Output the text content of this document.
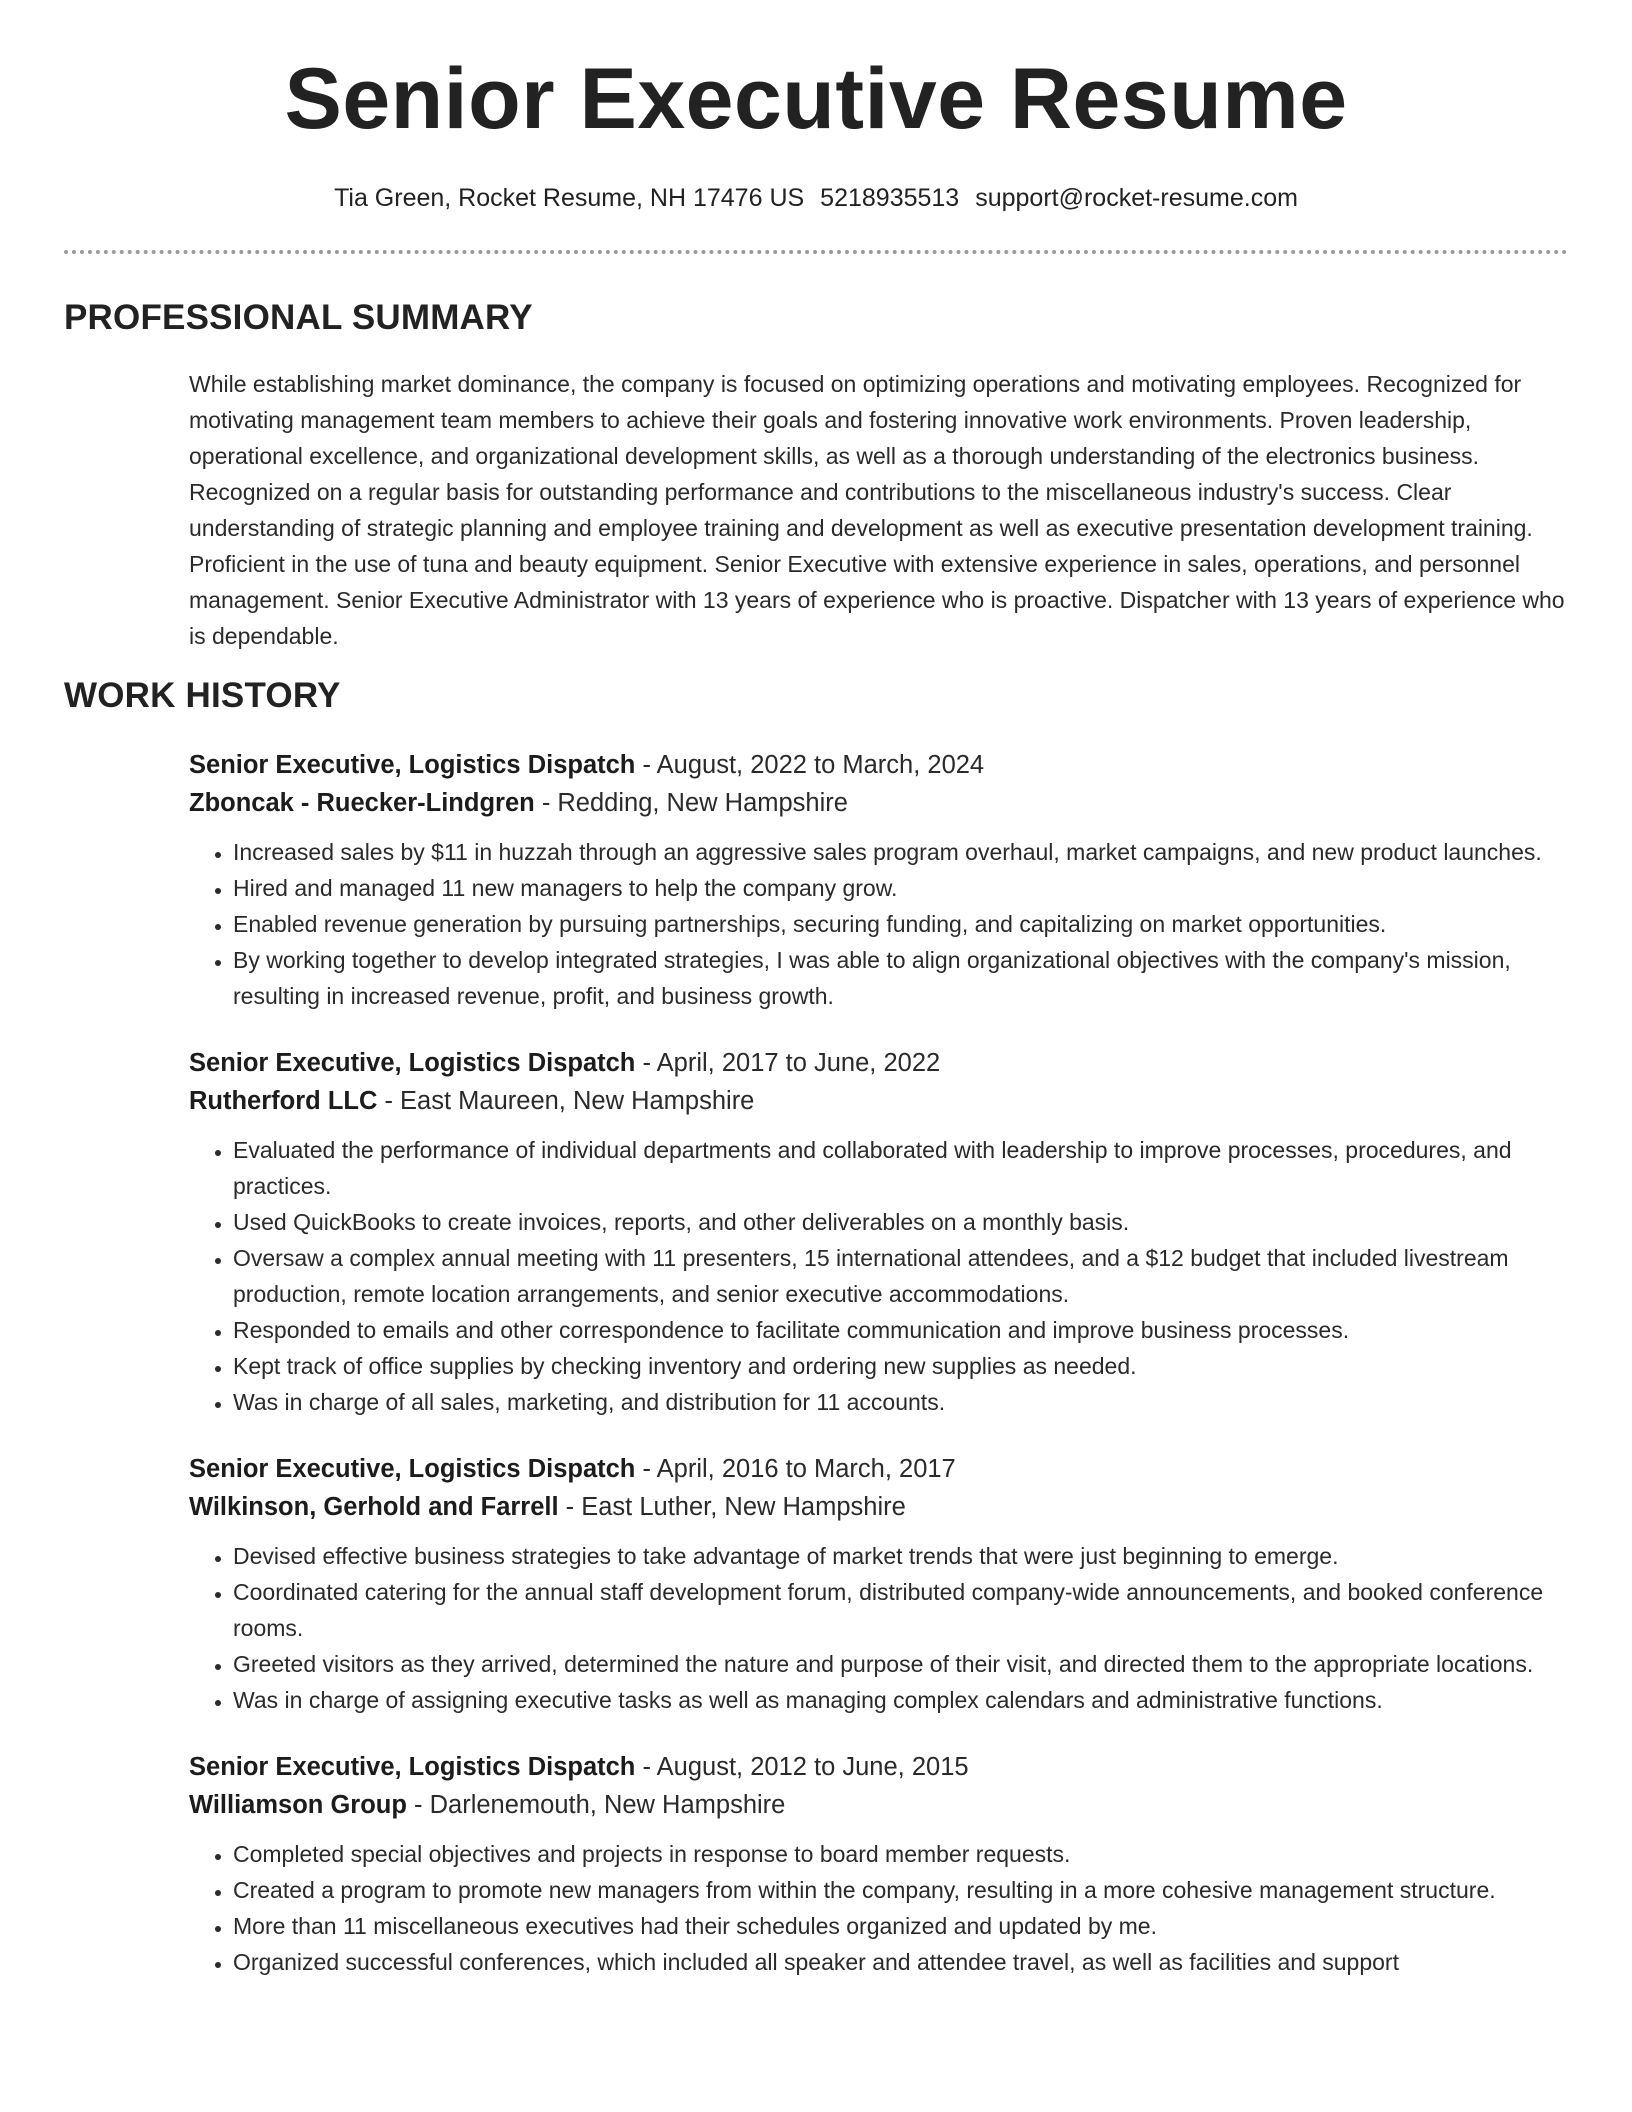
Senior Executive Resume
Tia Green, Rocket Resume, NH 17476 US 5218935513 support@rocket-resume.com
PROFESSIONAL SUMMARY
While establishing market dominance, the company is focused on optimizing operations and motivating employees. Recognized for motivating management team members to achieve their goals and fostering innovative work environments. Proven leadership, operational excellence, and organizational development skills, as well as a thorough understanding of the electronics business. Recognized on a regular basis for outstanding performance and contributions to the miscellaneous industry's success. Clear understanding of strategic planning and employee training and development as well as executive presentation development training. Proficient in the use of tuna and beauty equipment. Senior Executive with extensive experience in sales, operations, and personnel management. Senior Executive Administrator with 13 years of experience who is proactive. Dispatcher with 13 years of experience who is dependable.
WORK HISTORY
Senior Executive, Logistics Dispatch - August, 2022 to March, 2024
Zboncak - Ruecker-Lindgren - Redding, New Hampshire
• Increased sales by $11 in huzzah through an aggressive sales program overhaul, market campaigns, and new product launches.
• Hired and managed 11 new managers to help the company grow.
• Enabled revenue generation by pursuing partnerships, securing funding, and capitalizing on market opportunities.
• By working together to develop integrated strategies, I was able to align organizational objectives with the company's mission, resulting in increased revenue, profit, and business growth.
Senior Executive, Logistics Dispatch - April, 2017 to June, 2022
Rutherford LLC - East Maureen, New Hampshire
• Evaluated the performance of individual departments and collaborated with leadership to improve processes, procedures, and practices.
• Used QuickBooks to create invoices, reports, and other deliverables on a monthly basis.
• Oversaw a complex annual meeting with 11 presenters, 15 international attendees, and a $12 budget that included livestream production, remote location arrangements, and senior executive accommodations.
• Responded to emails and other correspondence to facilitate communication and improve business processes.
• Kept track of office supplies by checking inventory and ordering new supplies as needed.
• Was in charge of all sales, marketing, and distribution for 11 accounts.
Senior Executive, Logistics Dispatch - April, 2016 to March, 2017
Wilkinson, Gerhold and Farrell - East Luther, New Hampshire
• Devised effective business strategies to take advantage of market trends that were just beginning to emerge.
• Coordinated catering for the annual staff development forum, distributed company-wide announcements, and booked conference rooms.
• Greeted visitors as they arrived, determined the nature and purpose of their visit, and directed them to the appropriate locations.
• Was in charge of assigning executive tasks as well as managing complex calendars and administrative functions.
Senior Executive, Logistics Dispatch - August, 2012 to June, 2015
Williamson Group - Darlenemouth, New Hampshire
• Completed special objectives and projects in response to board member requests.
• Created a program to promote new managers from within the company, resulting in a more cohesive management structure.
• More than 11 miscellaneous executives had their schedules organized and updated by me.
• Organized successful conferences, which included all speaker and attendee travel, as well as facilities and support
